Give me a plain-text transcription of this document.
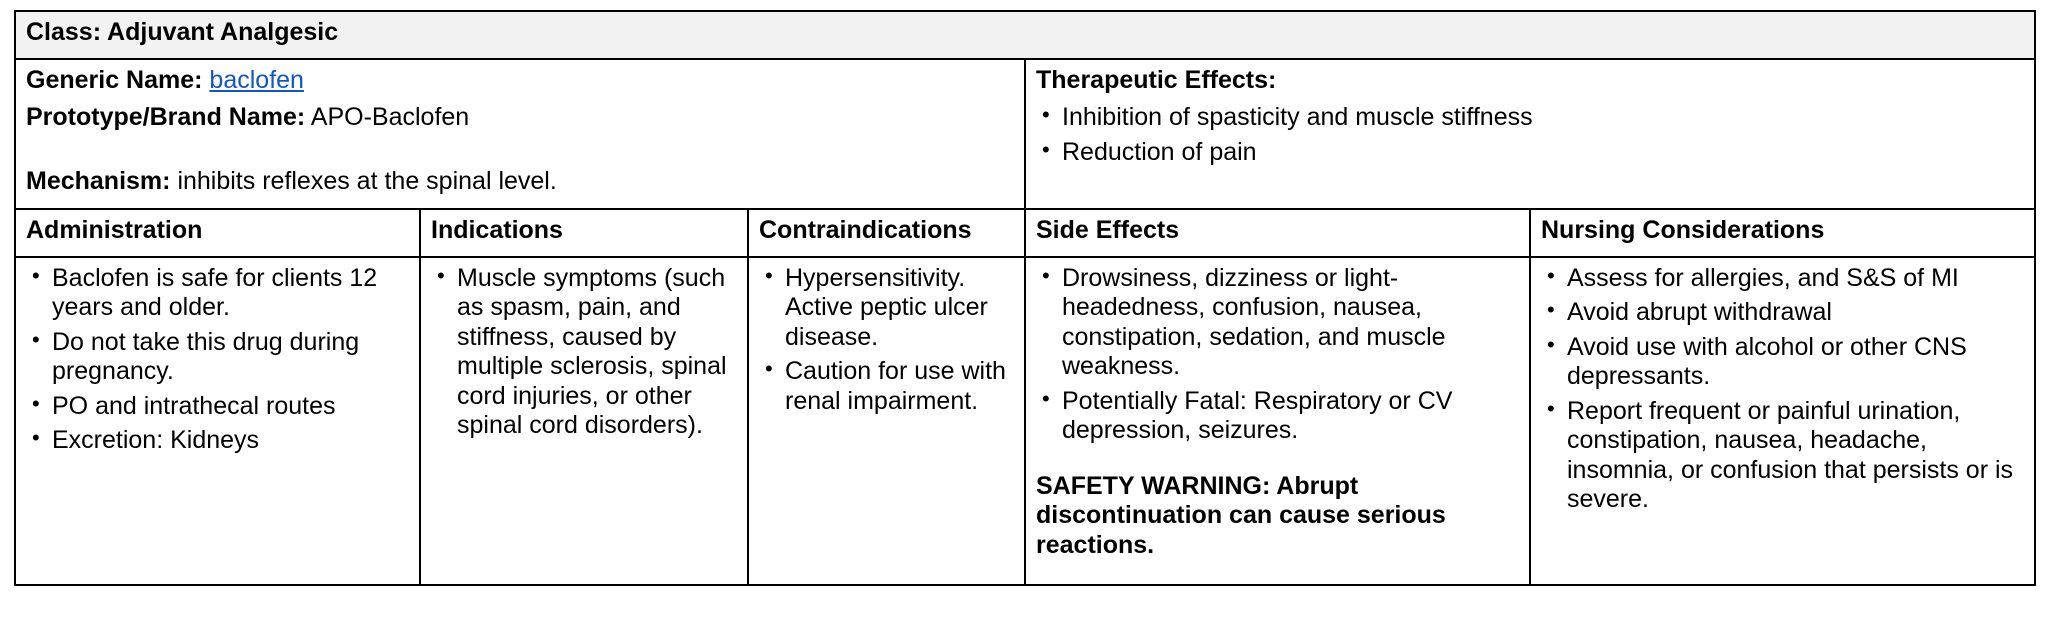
Class: Adjuvant Analgesic				

Generic Name: baclofen

Prototype/Brand Name: APO-Baclofen

Mechanism: inhibits reflexes at the spinal level.

Therapeutic Effects:

• Inhibition of spasticity and muscle stiffness
• Reduction of pain

Administration	Indications	Contraindications	Side Effects	Nursing Considerations

• Baclofen is safe for clients 12 years and older.
• Do not take this drug during pregnancy.
• PO and intrathecal routes
• Excretion: Kidneys

• Muscle symptoms (such as spasm, pain, and stiffness, caused by multiple sclerosis, spinal cord injuries, or other spinal cord disorders).

• Hypersensitivity. Active peptic ulcer disease.
• Caution for use with renal impairment.

• Drowsiness, dizziness or light-headedness, confusion, nausea, constipation, sedation, and muscle weakness.
• Potentially Fatal: Respiratory or CV depression, seizures.
SAFETY WARNING: Abrupt discontinuation can cause serious reactions.

• Assess for allergies, and S&S of MI
• Avoid abrupt withdrawal
• Avoid use with alcohol or other CNS depressants.
• Report frequent or painful urination, constipation, nausea, headache, insomnia, or confusion that persists or is severe.
